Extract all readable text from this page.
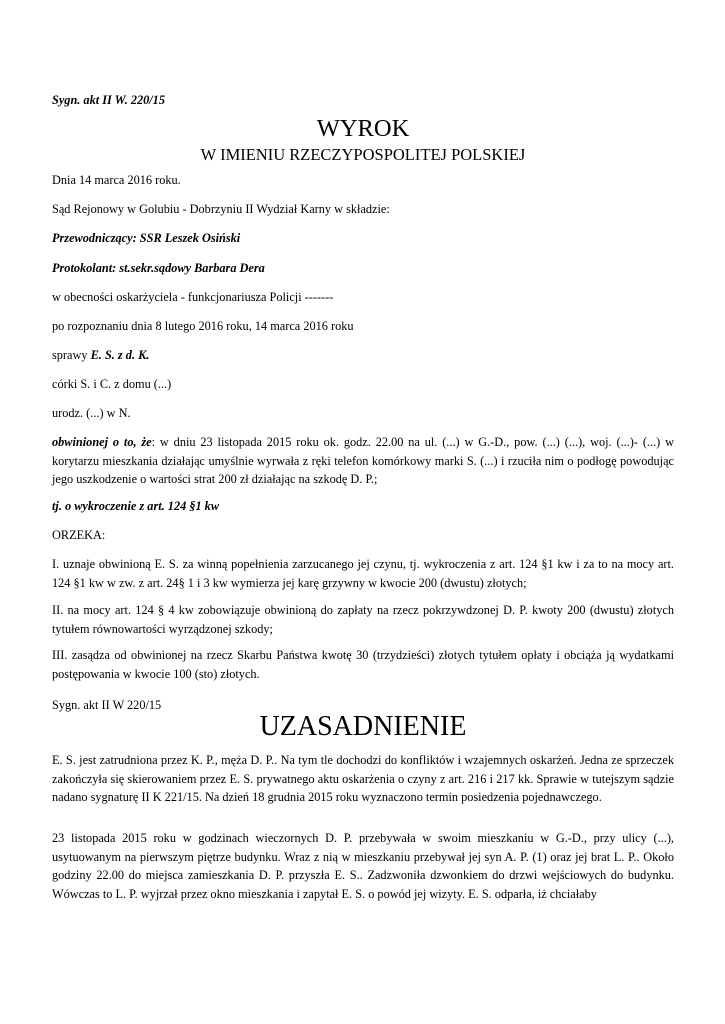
Sygn. akt II W. 220/15
WYROK
W IMIENIU RZECZYPOSPOLITEJ POLSKIEJ
Dnia 14 marca 2016 roku.
Sąd Rejonowy w Golubiu - Dobrzyniu II Wydział Karny w składzie:
Przewodniczący: SSR Leszek Osiński
Protokolant: st.sekr.sądowy Barbara Dera
w obecności oskarżyciela - funkcjonariusza Policji -------
po rozpoznaniu dnia 8 lutego 2016 roku, 14 marca 2016 roku
sprawy E. S. z d. K.
córki S. i C. z domu (...)
urodz. (...) w N.
obwinionej o to, że: w dniu 23 listopada 2015 roku ok. godz. 22.00 na ul. (...) w G.-D., pow. (...) (...), woj. (...)- (...) w korytarzu mieszkania działając umyślnie wyrwała z ręki telefon komórkowy marki S. (...) i rzuciła nim o podłogę powodując jego uszkodzenie o wartości strat 200 zł działając na szkodę D. P.;
tj. o wykroczenie z art. 124 §1 kw
ORZEKA:
I. uznaje obwinioną E. S. za winną popełnienia zarzucanego jej czynu, tj. wykroczenia z art. 124 §1 kw i za to na mocy art. 124 §1 kw w zw. z art. 24§ 1 i 3 kw wymierza jej karę grzywny w kwocie 200 (dwustu) złotych;
II. na mocy art. 124 § 4 kw zobowiązuje obwinioną do zapłaty na rzecz pokrzywdzonej D. P. kwoty 200 (dwustu) złotych tytułem równowartości wyrządzonej szkody;
III. zasądza od obwinionej na rzecz Skarbu Państwa kwotę 30 (trzydzieści) złotych tytułem opłaty i obciąża ją wydatkami postępowania w kwocie 100 (sto) złotych.
Sygn. akt II W 220/15
UZASADNIENIE
E. S. jest zatrudniona przez K. P., męża D. P.. Na tym tle dochodzi do konfliktów i wzajemnych oskarżeń. Jedna ze sprzeczek zakończyła się skierowaniem przez E. S. prywatnego aktu oskarżenia o czyny z art. 216 i 217 kk. Sprawie w tutejszym sądzie nadano sygnaturę II K 221/15. Na dzień 18 grudnia 2015 roku wyznaczono termin posiedzenia pojednawczego.
23 listopada 2015 roku w godzinach wieczornych D. P. przebywała w swoim mieszkaniu w G.-D., przy ulicy (...), usytuowanym na pierwszym piętrze budynku. Wraz z nią w mieszkaniu przebywał jej syn A. P. (1) oraz jej brat L. P.. Około godziny 22.00 do miejsca zamieszkania D. P. przyszła E. S.. Zadzwoniła dzwonkiem do drzwi wejściowych do budynku. Wówczas to L. P. wyjrzał przez okno mieszkania i zapytał E. S. o powód jej wizyty. E. S. odparła, iż chciałaby
